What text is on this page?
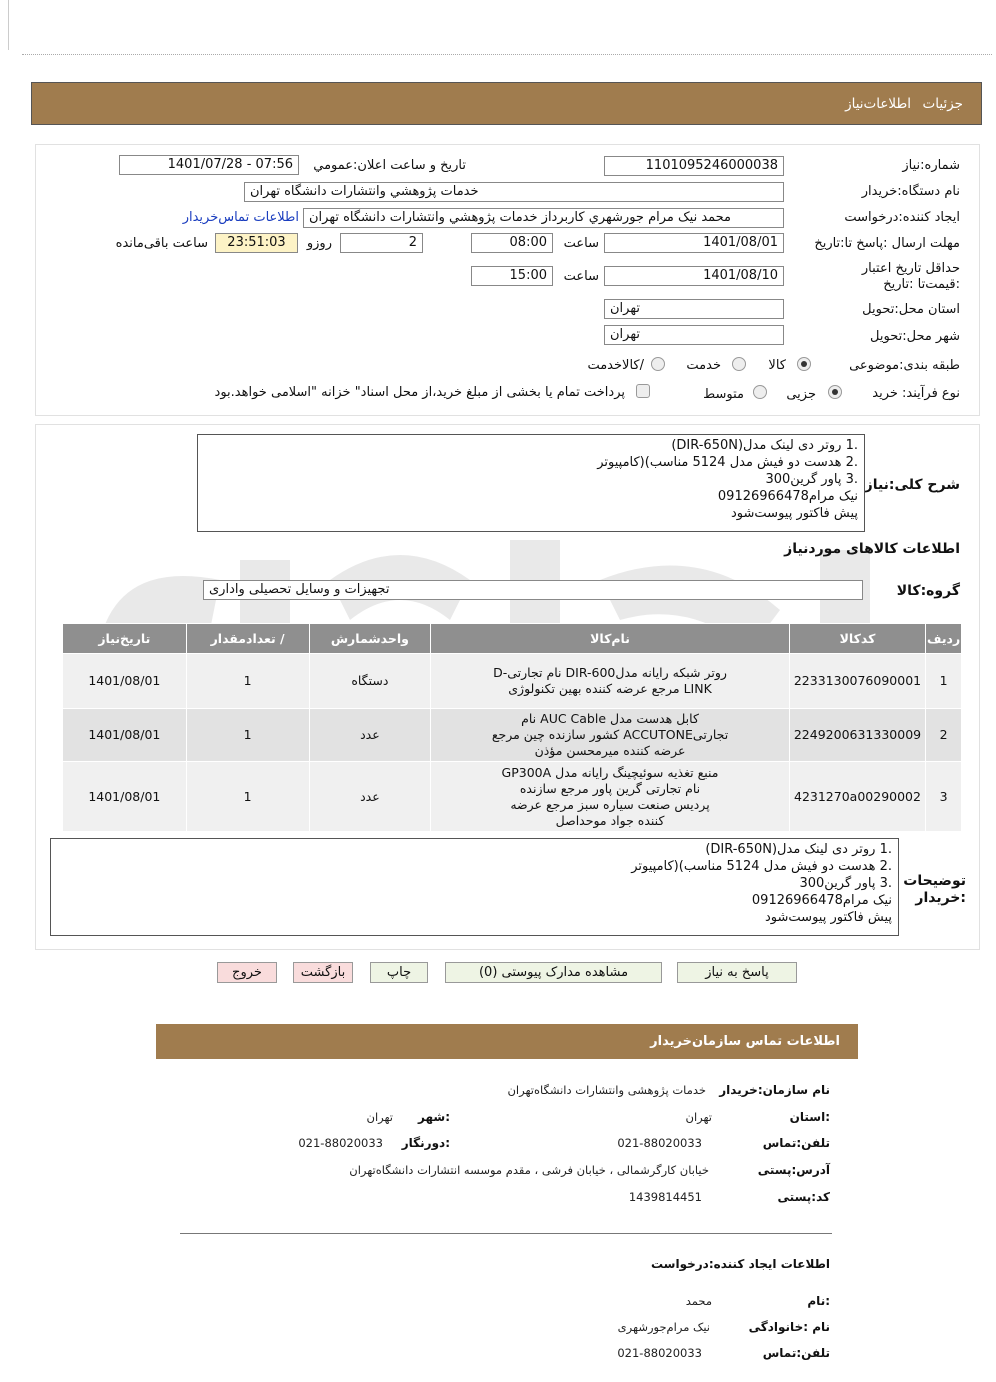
جزئیات
اطلاعات‌نیاز
شماره:نیاز
1101095246000038
تاریخ و ساعت اعلان:عمومي
1401/07/28 - 07:56
نام دستگاه:خریدار
خدمات پژوهشي وانتشارات دانشگاه تهران
ایجاد کننده:درخواست
محمد نيک مرام جورشهري کاربرداز خدمات پژوهشي وانتشارات دانشگاه تهران
اطلاعات تماس‌خریدار
مهلت ارسال :پاسخ تا:تاریخ
1401/08/01
ساعت
08:00
2
روزو
23:51:03
ساعت باقی‌مانده
حداقل تاریخ اعتبار :قیمت‌تا :تاریخ
1401/08/10
ساعت
15:00
استان محل:تحویل
تهران
شهر محل:تحویل
تهران
طبقه بندی:موضوعی
کالا
خدمت
/کالاخدمت
نوع فرآیند: خرید
جزیی
متوسط
پرداخت تمام یا بخشی از مبلغ خرید،از محل اسناد" خزانه "اسلامی خواهد.بود
شرح کلی:نیاز
.1 روتر دی لینک مدل(DIR-650N)
.2 هدست دو فیش مدل 5124 مناسب)(کامپیوتر
.3 پاور گرین300
نیک مرام09126966478
پیش فاکتور پیوست‌شود
اطلاعات کالاهای موردنیاز
گروه:کالا
تجهیزات و وسایل تحصیلی واداری
ردیف	کدکالا	نام‌کالا	واحدشمارش	/ تعدادمقدار	تاریخ‌نیاز
1	2233130076090001	روتر شبکه رایانه مدلDIR-600 نام تجارتیD-LINK مرجع عرضه کننده بهین تکنولوژی	دستگاه	1	1401/08/01
2	2249200631330009	کابل هدست مدل AUC Cable نام تجارتیACCUTONE کشور سازنده چین مرجع عرضه کننده میرمحسن مؤذن	عدد	1	1401/08/01
3	4231270a00290002	منبع تغذیه سوئیچینگ رایانه مدل GP300A نام تجارتی گرین پاور مرجع سازنده پردیس صنعت سیاره سبز مرجع عرضه کننده جواد موحداصل	عدد	1	1401/08/01
توضیحات :خریدار
.1 روتر دی لینک مدل(DIR-650N)
.2 هدست دو فیش مدل 5124 مناسب)(کامپیوتر
.3 پاور گرین300
نیک مرام09126966478
پیش فاکتور پیوست‌شود
پاسخ به نیاز
مشاهده مدارک پیوستی (0)
چاپ
بازگشت
خروج
اطلاعات تماس سازمان‌خریدار
نام سازمان:خریدار
خدمات پژوهشی وانتشارات دانشگاه‌تهران
:استان
تهران
:شهر
تهران
تلفن:تماس
021-88020033
:دورنگار
021-88020033
آدرس:پستی
خیابان کارگرشمالی ، خیابان فرشی ، مقدم موسسه انتشارات دانشگاه‌تهران
کد:پستی
1439814451
اطلاعات ایجاد کننده:درخواست
:نام
محمد
نام :خانوادگی
نیک مرام‌جورشهری
تلفن:تماس
021-88020033
